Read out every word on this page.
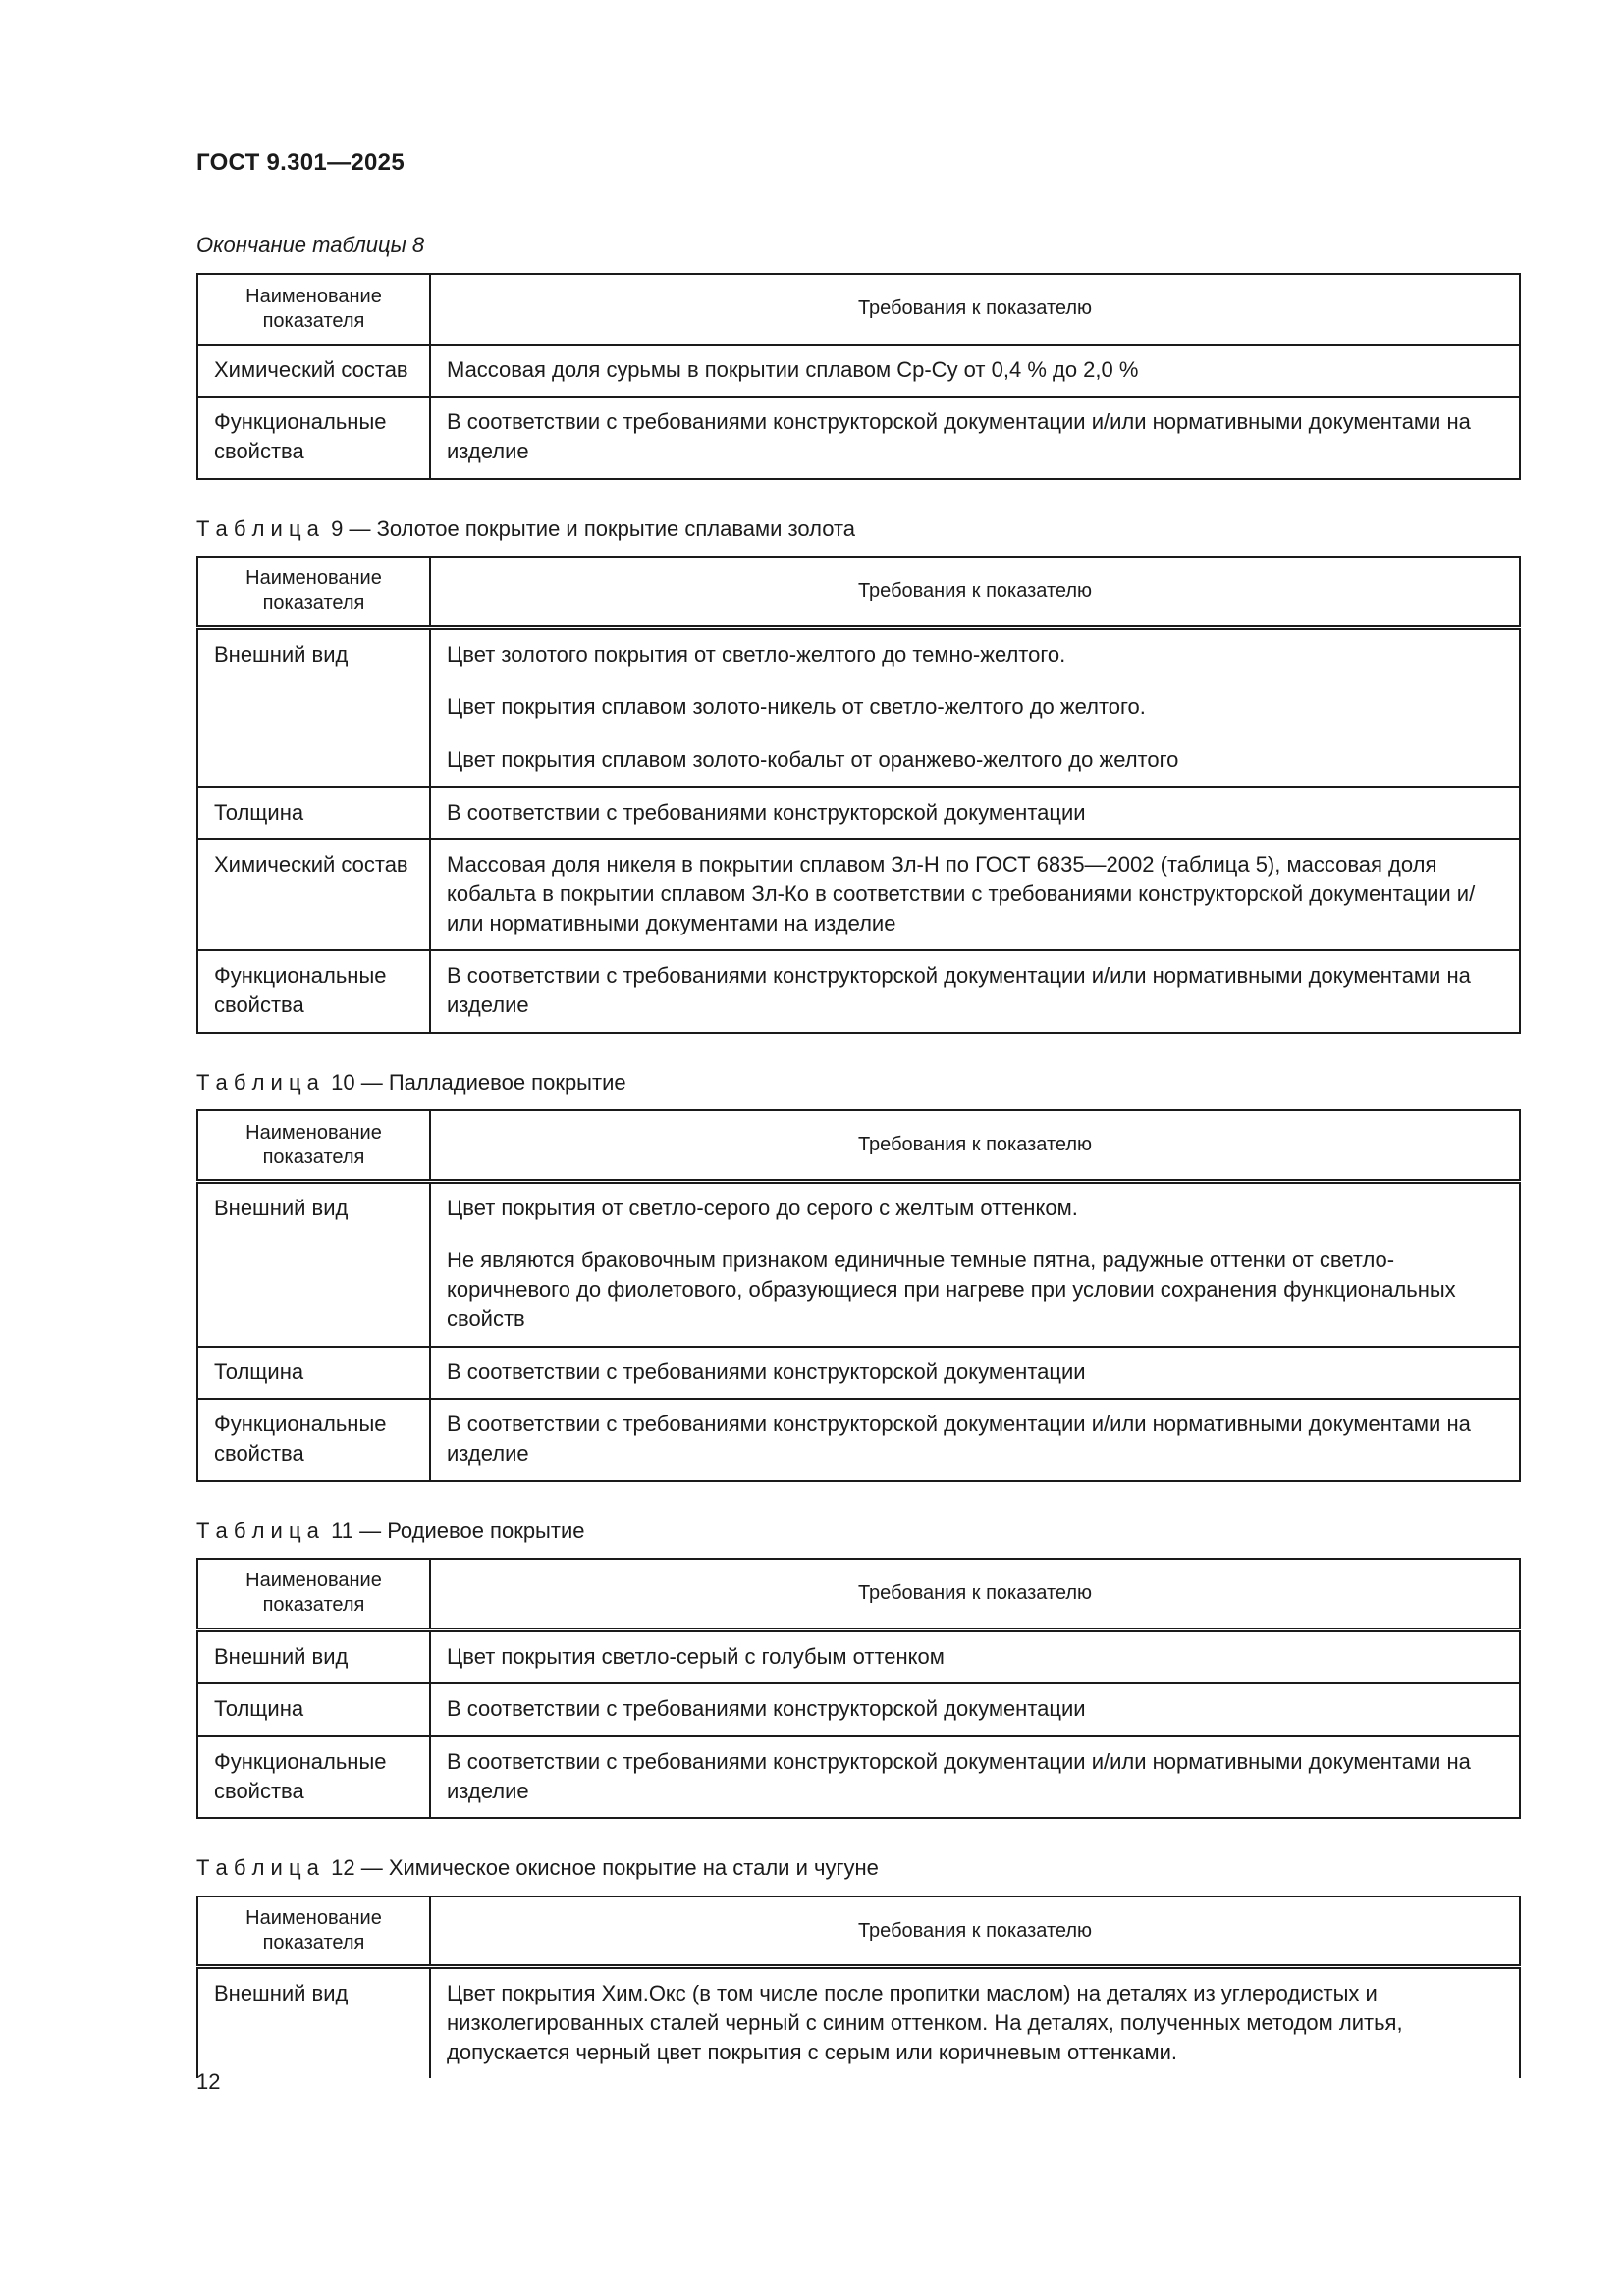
ГОСТ 9.301—2025

Окончание таблицы 8

Наименование показателя	Требования к показателю
Химический состав	Массовая доля сурьмы в покрытии сплавом Ср-Су от 0,4 % до 2,0 %

Функциональные свойства	В соответствии с требованиями конструкторской документации и/или нормативными документами на изделие

Т а б л и ц а  9 — Золотое покрытие и покрытие сплавами золота

Наименование показателя	Требования к показателю
Внешний вид	Цвет золотого покрытия от светло-желтого до темно-желтого.

Цвет покрытия сплавом золото-никель от светло-желтого до желтого.

Цвет покрытия сплавом золото-кобальт от оранжево-желтого до желтого

Толщина	В соответствии с требованиями конструкторской документации

Химический состав	Массовая доля никеля в покрытии сплавом Зл-Н по ГОСТ 6835—2002 (таблица 5), массовая доля кобальта в покрытии сплавом Зл-Ко в соответствии с требованиями конструкторской документации и/или нормативными документами на изделие

Функциональные свойства	В соответствии с требованиями конструкторской документации и/или нормативными документами на изделие

Т а б л и ц а  10 — Палладиевое покрытие

Наименование показателя	Требования к показателю
Внешний вид	Цвет покрытия от светло-серого до серого с желтым оттенком.

Не являются браковочным признаком единичные темные пятна, радужные оттенки от светло-коричневого до фиолетового, образующиеся при нагреве при условии сохранения функциональных свойств

Толщина	В соответствии с требованиями конструкторской документации

Функциональные свойства	В соответствии с требованиями конструкторской документации и/или нормативными документами на изделие

Т а б л и ц а  11 — Родиевое покрытие

Наименование показателя	Требования к показателю
Внешний вид	Цвет покрытия светло-серый с голубым оттенком

Толщина	В соответствии с требованиями конструкторской документации

Функциональные свойства	В соответствии с требованиями конструкторской документации и/или нормативными документами на изделие

Т а б л и ц а  12 — Химическое окисное покрытие на стали и чугуне

Наименование показателя	Требования к показателю
Внешний вид	Цвет покрытия Хим.Окс (в том числе после пропитки маслом) на деталях из углеродистых и низколегированных сталей черный с синим оттенком. На деталях, полученных методом литья, допускается черный цвет покрытия с серым или коричневым оттенками.

12
